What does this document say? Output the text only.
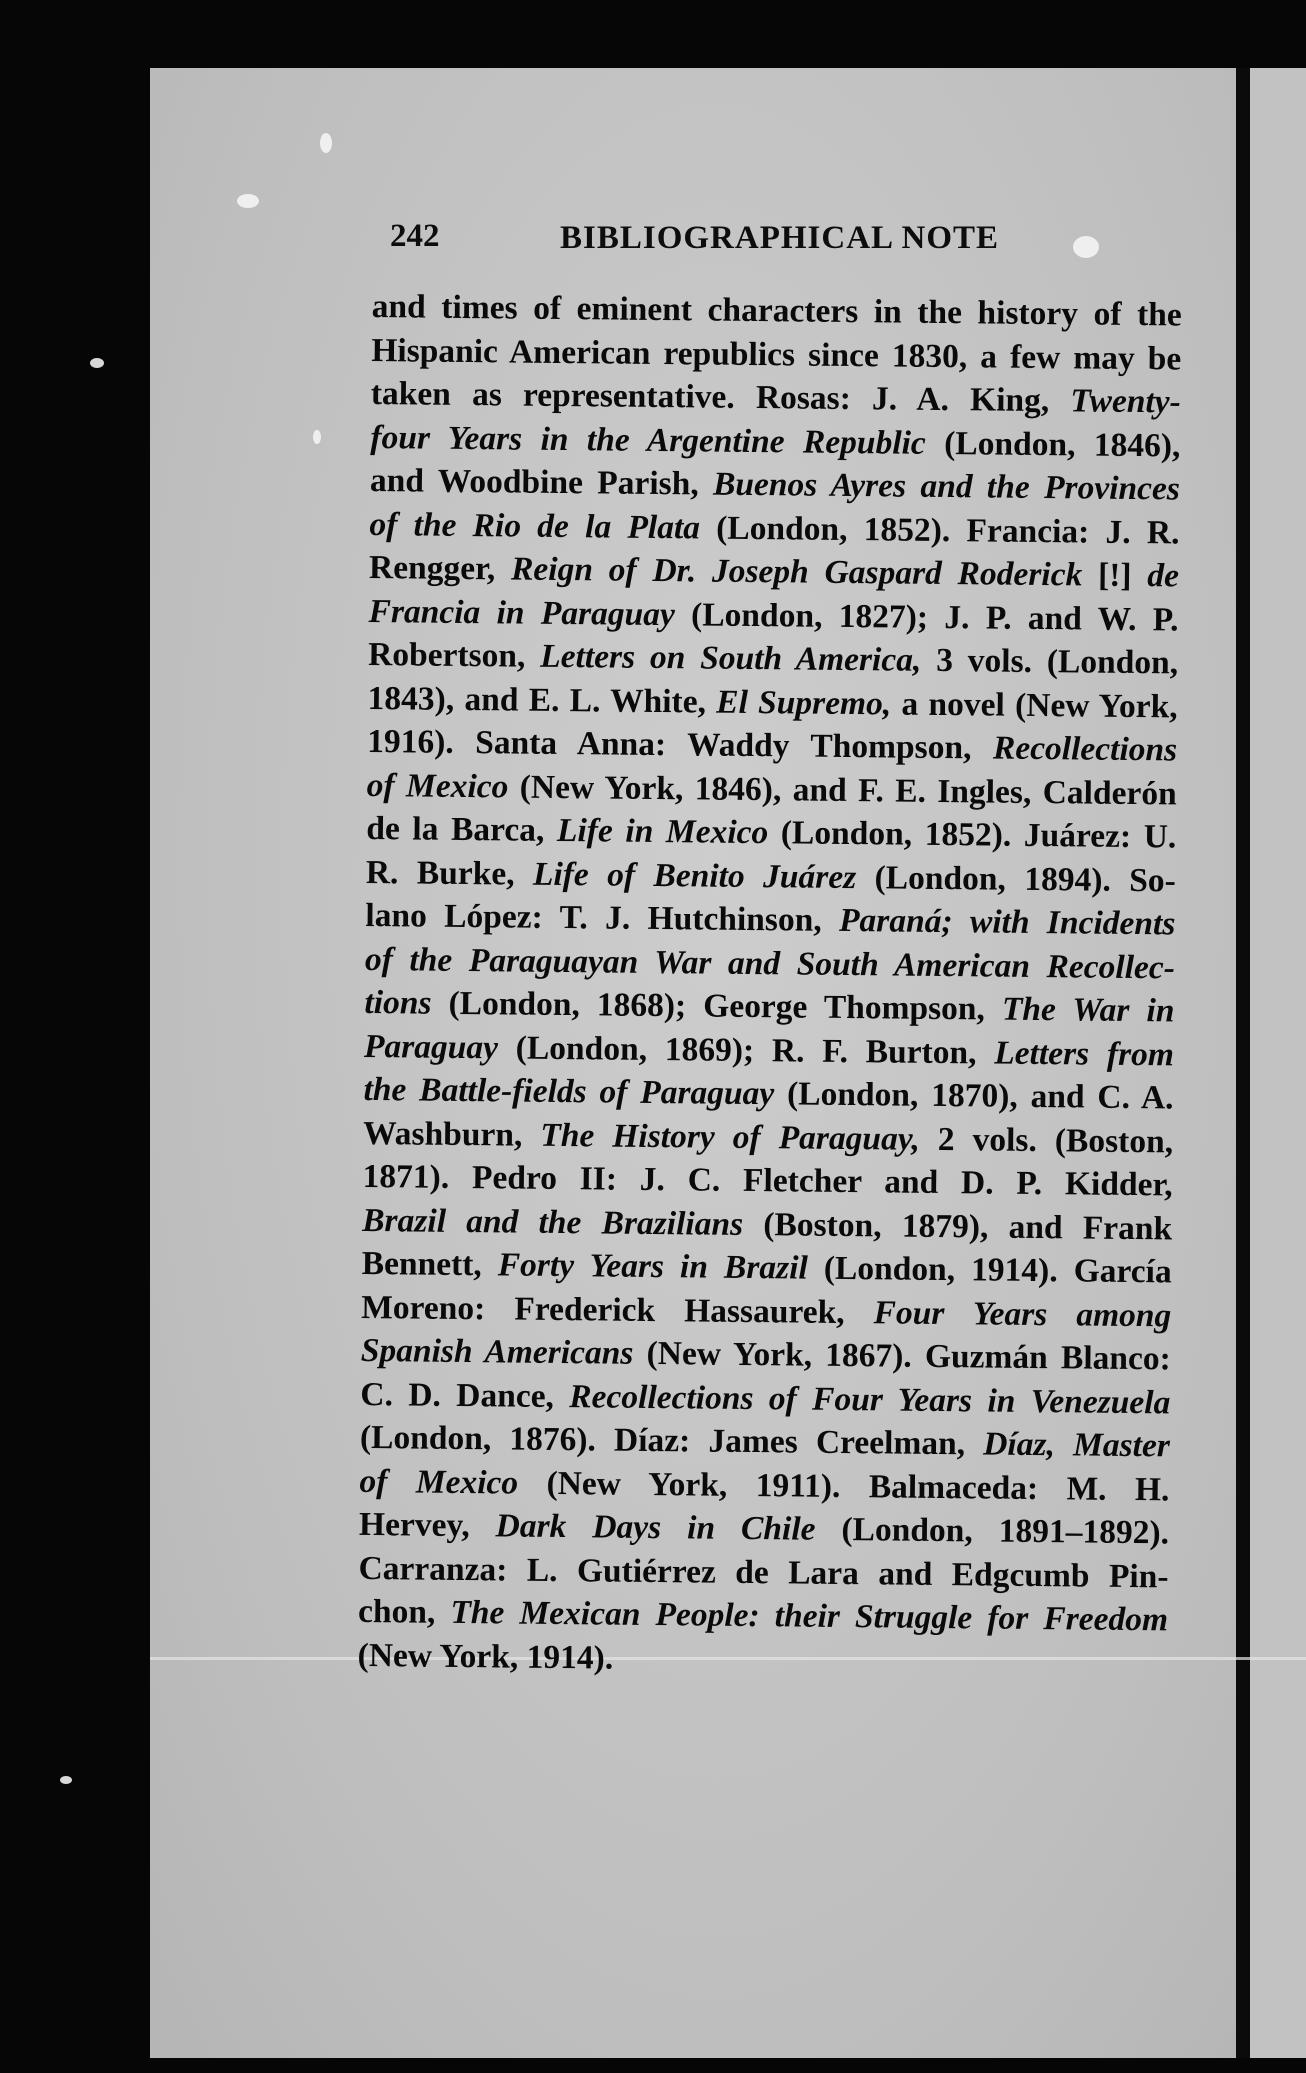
242	BIBLIOGRAPHICAL NOTE
and times of eminent characters in the history of the
Hispanic American republics since 1830, a few may be
taken as representative. Rosas: J. A. King, Twenty-
four Years in the Argentine Republic (London, 1846),
and Woodbine Parish, Buenos Ayres and the Provinces
of the Rio de la Plata (London, 1852). Francia: J. R.
Rengger, Reign of Dr. Joseph Gaspard Roderick [!] de
Francia in Paraguay (London, 1827); J. P. and W. P.
Robertson, Letters on South America, 3 vols. (London,
1843), and E. L. White, El Supremo, a novel (New York,
1916). Santa Anna: Waddy Thompson, Recollections
of Mexico (New York, 1846), and F. E. Ingles, Calderón
de la Barca, Life in Mexico (London, 1852). Juárez: U.
R. Burke, Life of Benito Juárez (London, 1894). So-
lano López: T. J. Hutchinson, Paraná; with Incidents
of the Paraguayan War and South American Recollec-
tions (London, 1868); George Thompson, The War in
Paraguay (London, 1869); R. F. Burton, Letters from
the Battle-fields of Paraguay (London, 1870), and C. A.
Washburn, The History of Paraguay, 2 vols. (Boston,
1871). Pedro II: J. C. Fletcher and D. P. Kidder,
Brazil and the Brazilians (Boston, 1879), and Frank
Bennett, Forty Years in Brazil (London, 1914). García
Moreno: Frederick Hassaurek, Four Years among
Spanish Americans (New York, 1867). Guzmán Blanco:
C. D. Dance, Recollections of Four Years in Venezuela
(London, 1876). Díaz: James Creelman, Díaz, Master
of Mexico (New York, 1911). Balmaceda: M. H.
Hervey, Dark Days in Chile (London, 1891–1892).
Carranza: L. Gutiérrez de Lara and Edgcumb Pin-
chon, The Mexican People: their Struggle for Freedom
(New York, 1914).
